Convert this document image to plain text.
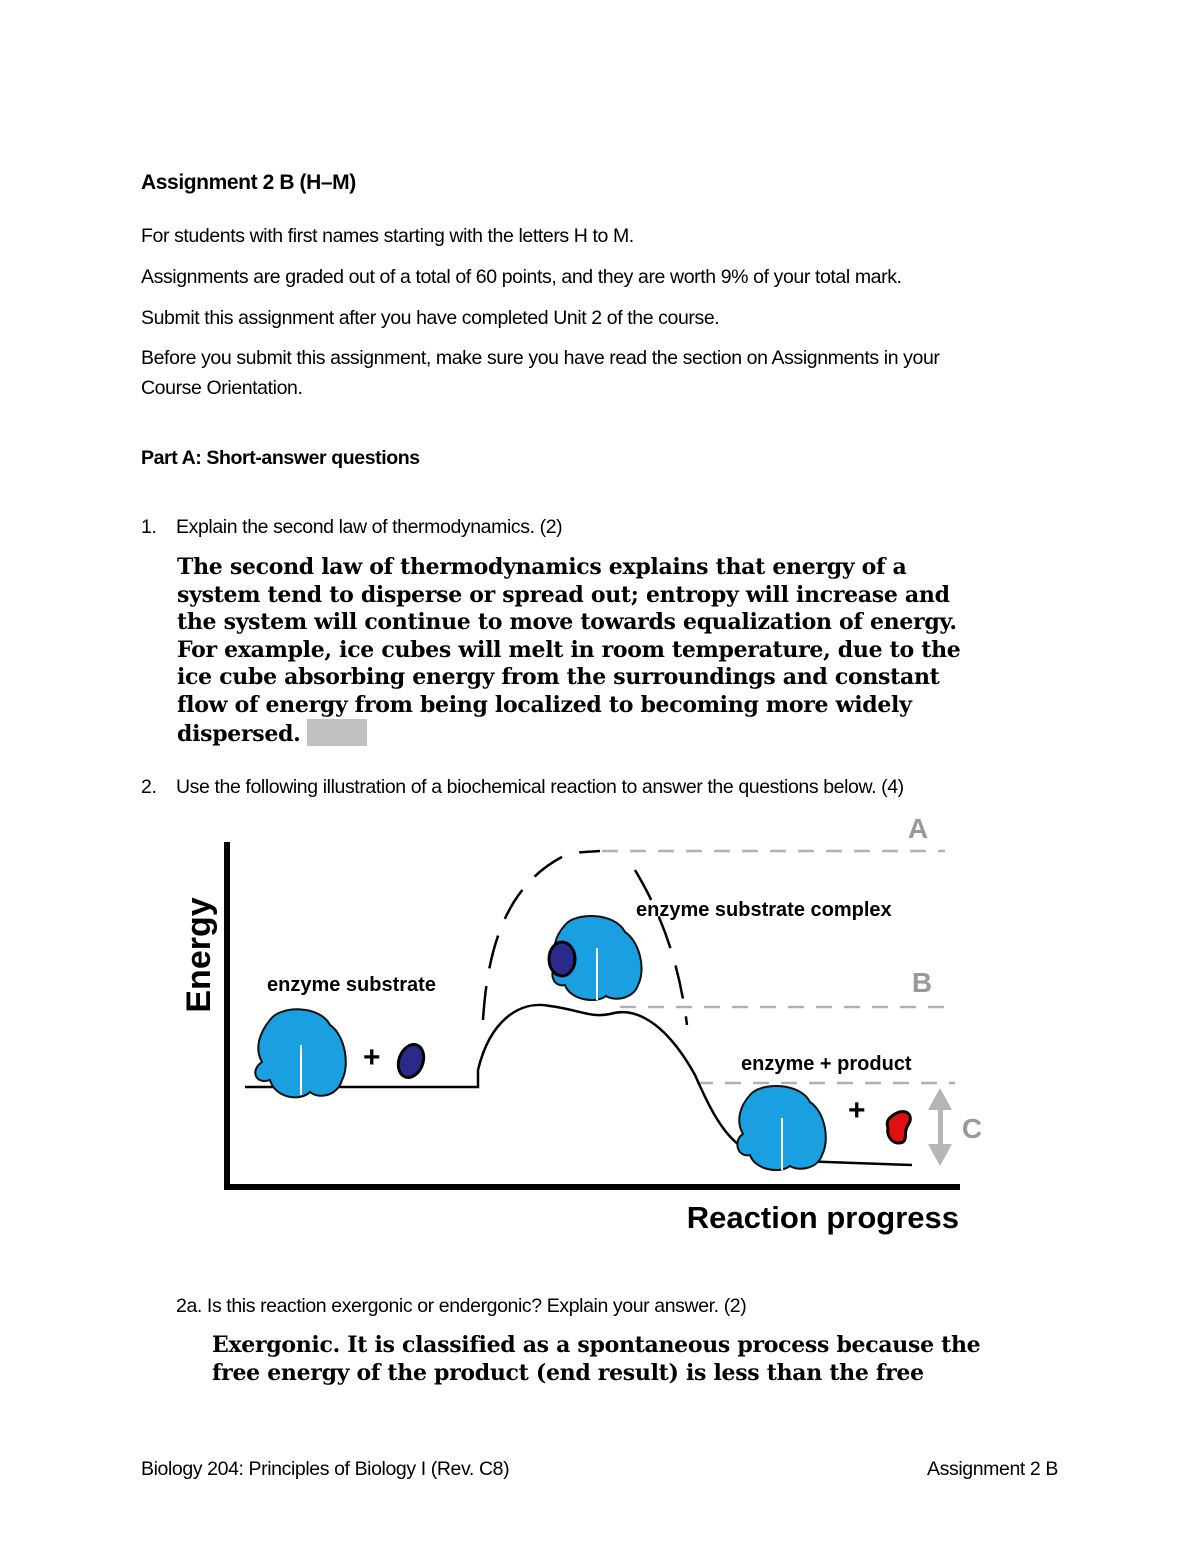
Assignment 2 B (H–M)
For students with first names starting with the letters H to M.
Assignments are graded out of a total of 60 points, and they are worth 9% of your total mark.
Submit this assignment after you have completed Unit 2 of the course.
Before you submit this assignment, make sure you have read the section on Assignments in your
Course Orientation.
Part A: Short-answer questions
1. Explain the second law of thermodynamics. (2)
The second law of thermodynamics explains that energy of a
system tend to disperse or spread out; entropy will increase and
the system will continue to move towards equalization of energy.
For example, ice cubes will melt in room temperature, due to the
ice cube absorbing energy from the surroundings and constant
flow of energy from being localized to becoming more widely
dispersed.
2. Use the following illustration of a biochemical reaction to answer the questions below. (4)
Energy
Reaction progress
A
B
C
enzyme substrate
enzyme substrate complex
enzyme + product
+
+
2a. Is this reaction exergonic or endergonic? Explain your answer. (2)
Exergonic. It is classified as a spontaneous process because the
free energy of the product (end result) is less than the free
Biology 204: Principles of Biology I (Rev. C8)	Assignment 2 B
